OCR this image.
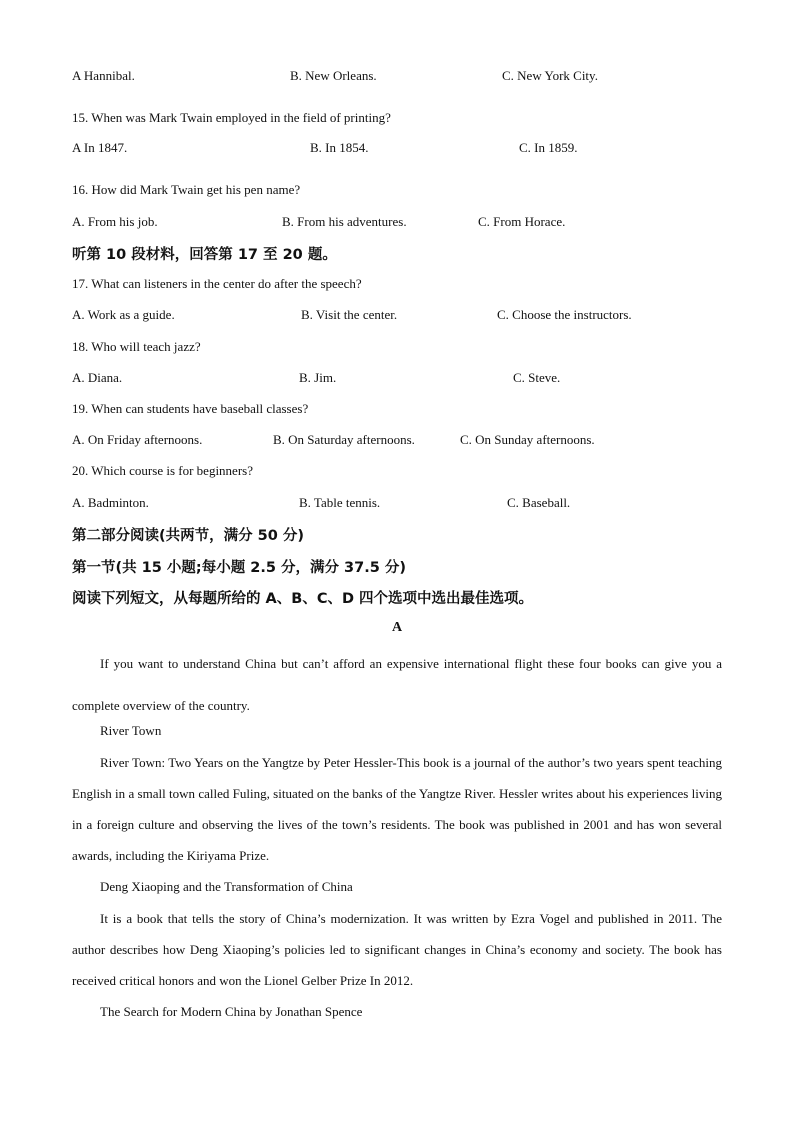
A Hannibal.	B. New Orleans.	C. New York City.
15. When was Mark Twain employed in the field of printing?
A In 1847.	B. In 1854.	C. In 1859.
16. How did Mark Twain get his pen name?
A. From his job.	B. From his adventures.	C. From Horace.
听第 10 段材料，回答第 17 至 20 题。
17. What can listeners in the center do after the speech?
A. Work as a guide.	B. Visit the center.	C. Choose the instructors.
18. Who will teach jazz?
A. Diana.	B. Jim.	C. Steve.
19. When can students have baseball classes?
A. On Friday afternoons.	B. On Saturday afternoons.	C. On Sunday afternoons.
20. Which course is for beginners?
A. Badminton.	B. Table tennis.	C. Baseball.
第二部分阅读(共两节，满分 50 分)
第一节(共 15 小题;每小题 2.5 分，满分 37.5 分)
阅读下列短文，从每题所给的 A、B、C、D 四个选项中选出最佳选项。
A

If you want to understand China but can’t afford an expensive international flight these four books can give you a complete overview of the country.

River Town

River Town: Two Years on the Yangtze by Peter Hessler-This book is a journal of the author’s two years spent teaching English in a small town called Fuling, situated on the banks of the Yangtze River. Hessler writes about his experiences living in a foreign culture and observing the lives of the town’s residents. The book was published in 2001 and has won several awards, including the Kiriyama Prize.

Deng Xiaoping and the Transformation of China

It is a book that tells the story of China’s modernization. It was written by Ezra Vogel and published in 2011. The author describes how Deng Xiaoping’s policies led to significant changes in China’s economy and society. The book has received critical honors and won the Lionel Gelber Prize In 2012.

The Search for Modern China by Jonathan Spence
